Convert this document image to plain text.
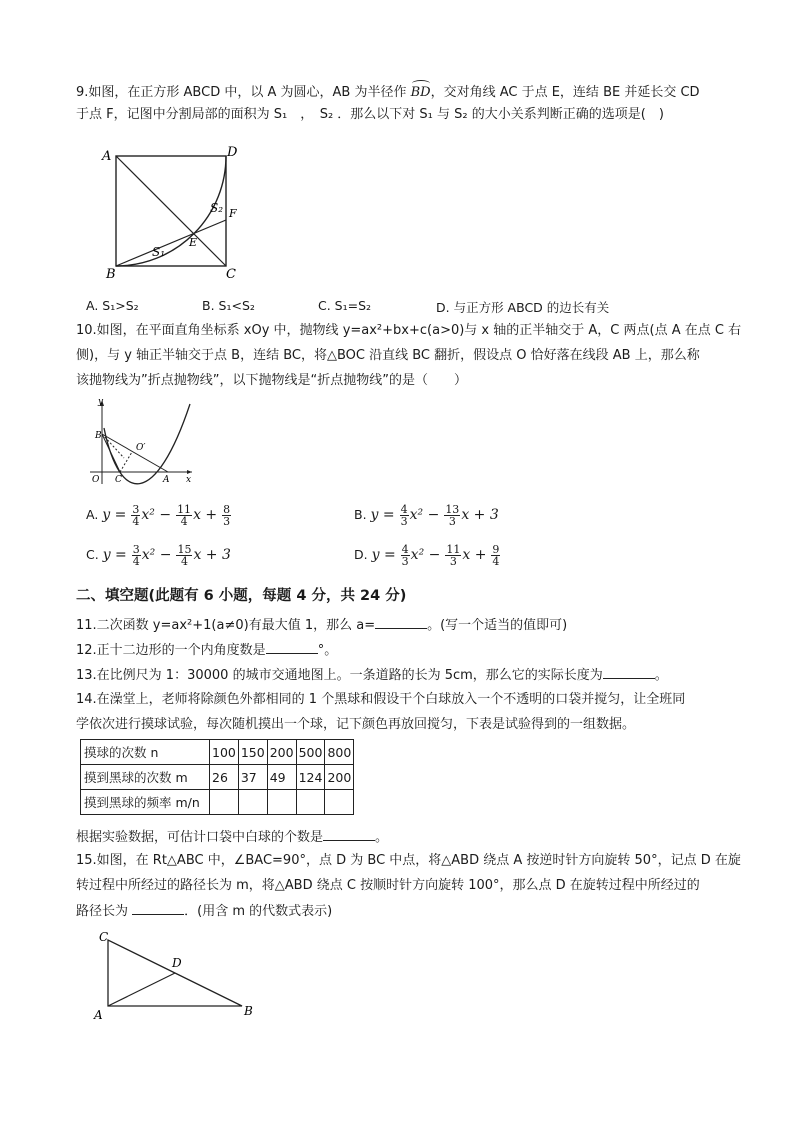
9.如图，在正方形 ABCD 中，以 A 为圆心，AB 为半径作 BD，交对角线 AC 于点 E，连结 BE 并延长交 CD
于点 F，记图中分割局部的面积为 S₁　，　S₂ ．那么以下对 S₁ 与 S₂ 的大小关系判断正确的选项是(　)
A	D
B	C
E
F
S₁
S₂
A. S₁>S₂	B. S₁<S₂	C. S₁=S₂	D. 与正方形 ABCD 的边长有关
10.如图，在平面直角坐标系 xOy 中，抛物线 y=ax²+bx+c(a>0)与 x 轴的正半轴交于 A，C 两点(点 A 在点 C 右
侧)，与 y 轴正半轴交于点 B，连结 BC，将△BOC 沿直线 BC 翻折，假设点 O 恰好落在线段 AB 上，那么称
该抛物线为”折点抛物线”，以下抛物线是“折点抛物线”的是（　　）
y
x
O
B
C	A
O′
A. $y = \frac{3}{4} x^2 - \frac{11}{4}$ $x + \frac{8}{3}$	B. $y = \frac{4}{3} x^2 - \frac{13}{3}$ x + 3
C. $y = \frac{3}{4} x^2 - \frac{15}{4}$ x + 3	D. $y = \frac{4}{3} x^2 - \frac{11}{3}$ $x + \frac{9}{4}$
二、填空题(此题有 6 小题，每题 4 分，共 24 分)
11.二次函数 y=ax²+1(a≠0)有最大值 1，那么 a=	。(写一个适当的值即可)
12.正十二边形的一个内角度数是	°。
13.在比例尺为 1：30000 的城市交通地图上。一条道路的长为 5cm，那么它的实际长度为	。
14.在澡堂上，老师将除颜色外都相同的 1 个黑球和假设干个白球放入一个不透明的口袋并搅匀，让全班同
学依次进行摸球试验，每次随机摸出一个球，记下颜色再放回搅匀，下表是试验得到的一组数据。
摸球的次数 n	100	150	200	500	800
摸到黑球的次数 m	26	37	49	124	200
摸到黑球的频率 m/n					
根据实验数据，可估计口袋中白球的个数是	。
15.如图，在 Rt△ABC 中，∠BAC=90°，点 D 为 BC 中点，将△ABD 绕点 A 按逆时针方向旋转 50°，记点 D 在旋
转过程中所经过的路径长为 m，将△ABD 绕点 C 按顺时针方向旋转 100°，那么点 D 在旋转过程中所经过的
路径长为	．(用含 m 的代数式表示)
C
A	B
D
